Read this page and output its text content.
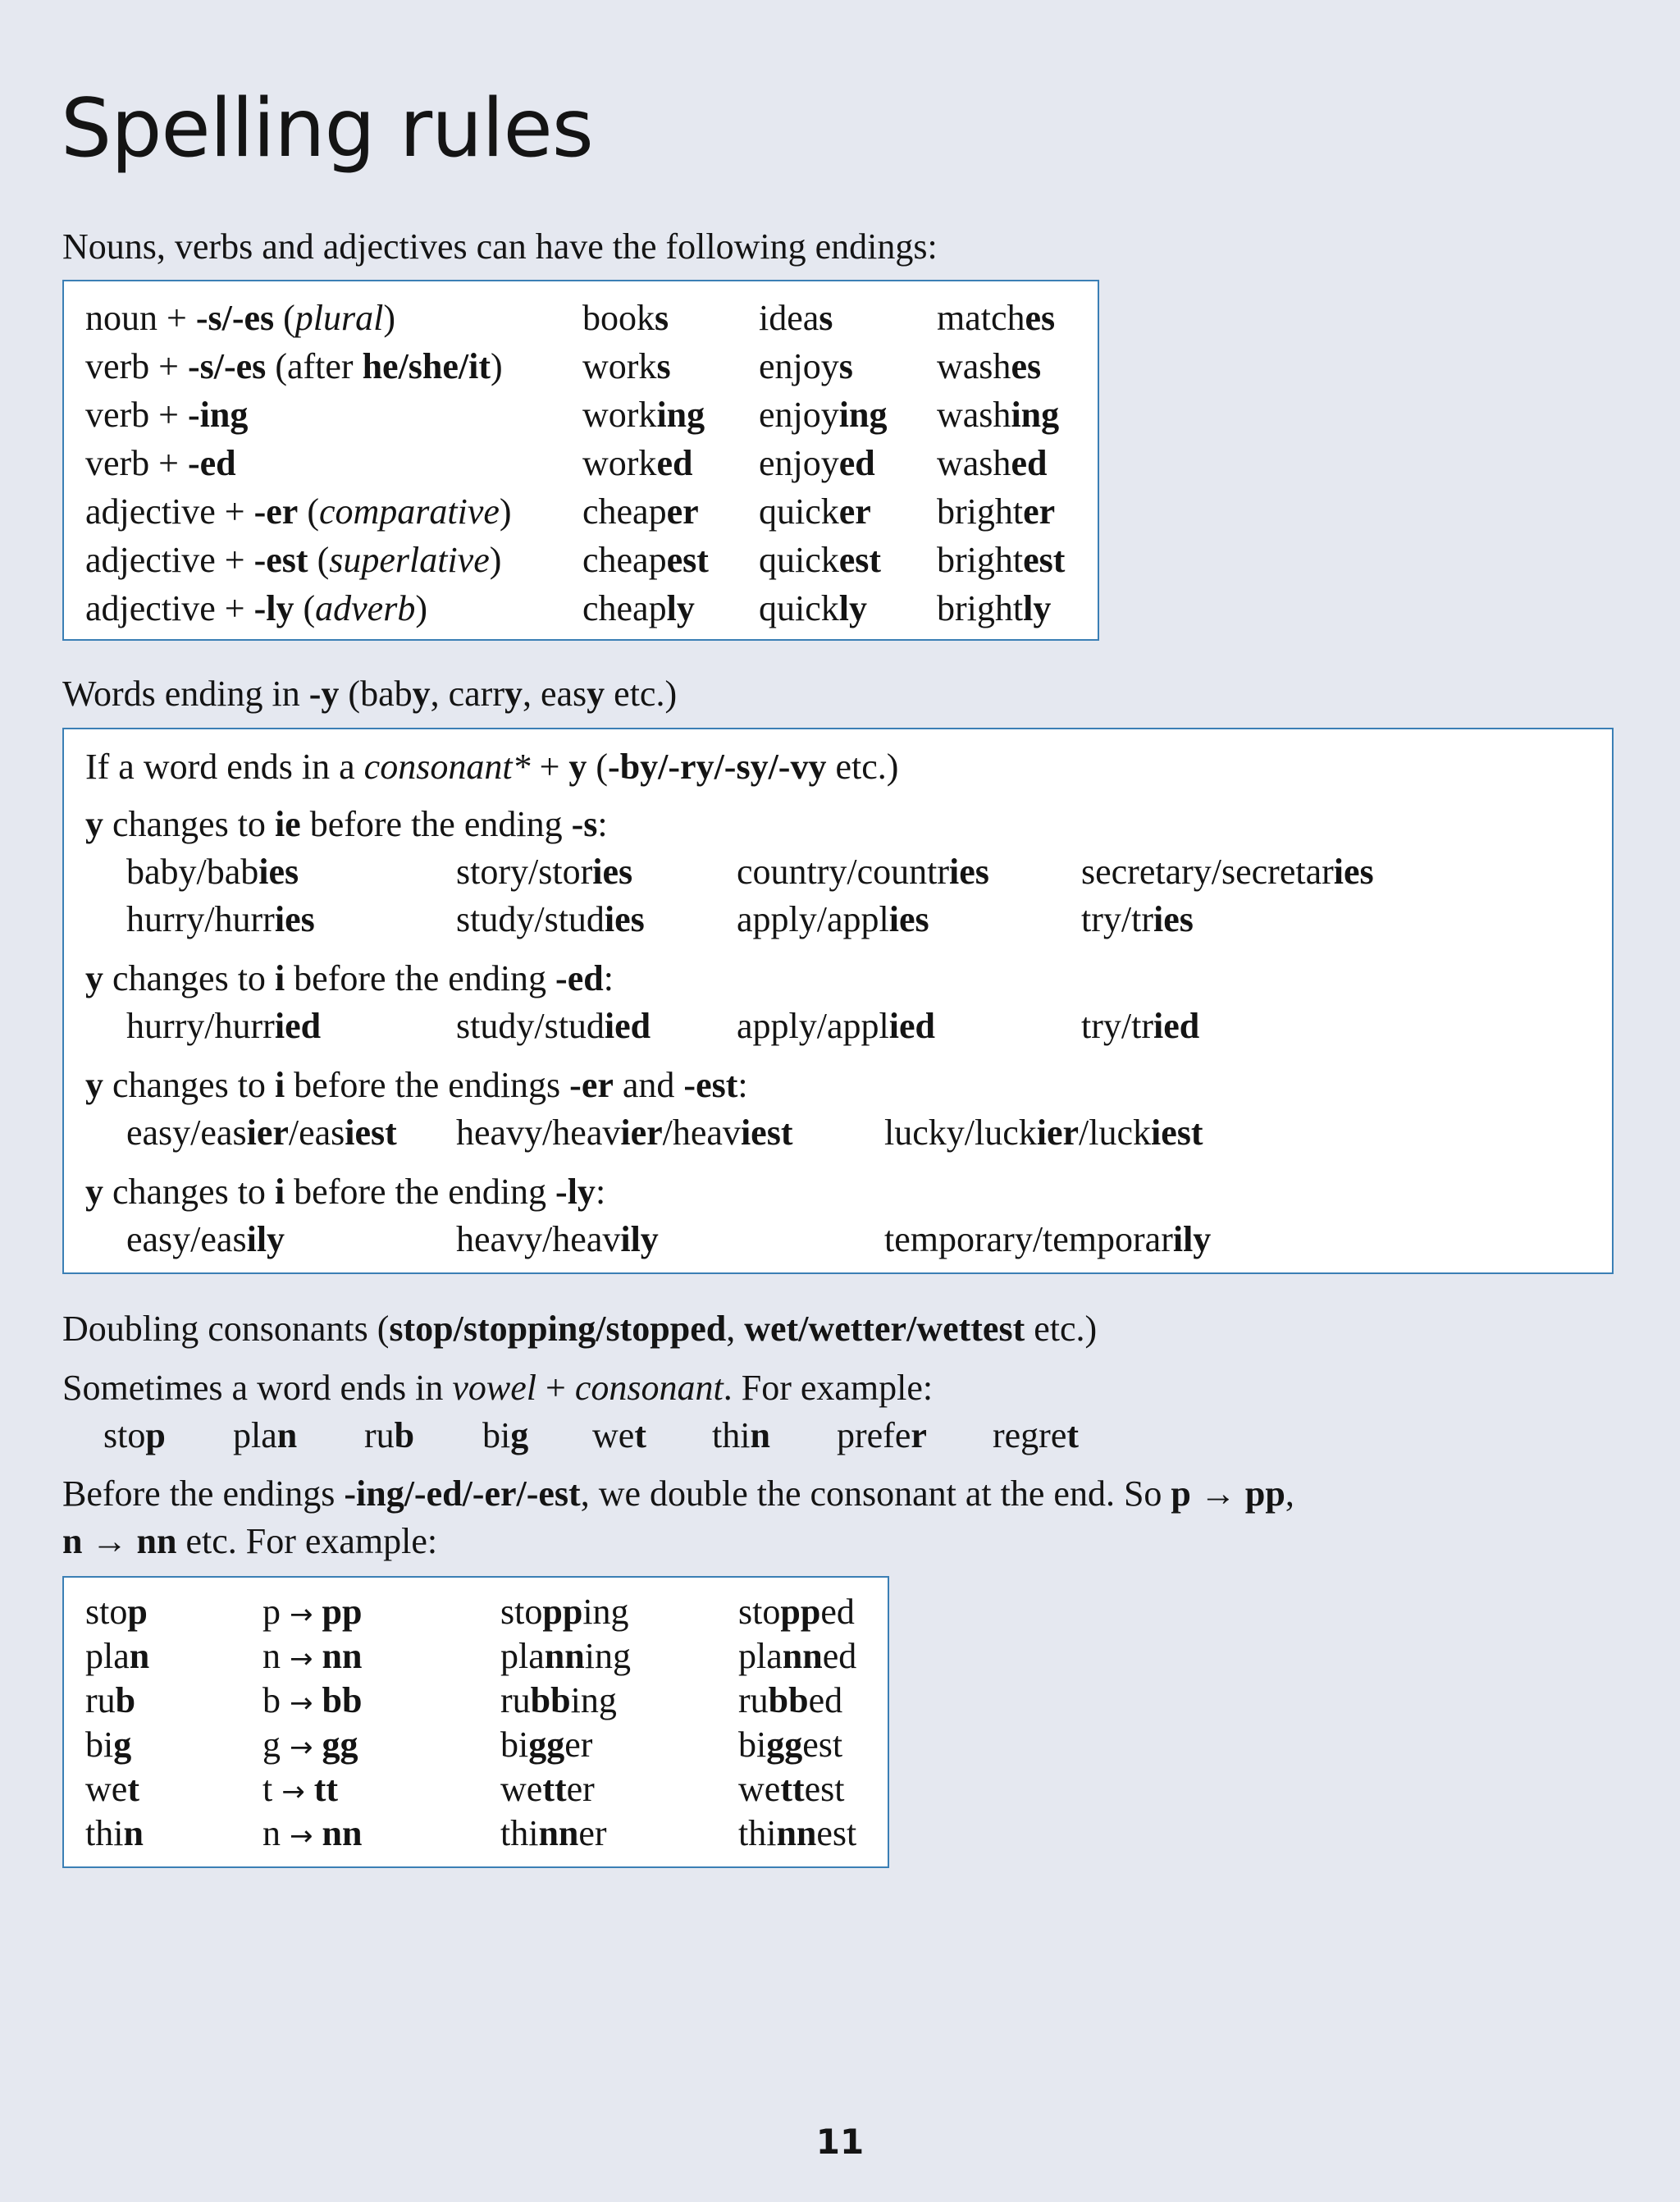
Spelling rules
Nouns, verbs and adjectives can have the following endings:
noun + -s/-es (plural)	books ideas	matches
verb + -s/-es (after he/she/it) works enjoys washes
verb + -ing	working enjoying washing
verb + -ed	worked enjoyed washed
adjective + -er (comparative) cheaper quicker brighter
adjective + -est (superlative) cheapest quickest brightest
adjective + -ly (adverb)	cheaply quickly brightly
Words ending in -y (baby, carry, easy etc.)
If a word ends in a consonant* + y (-by/-ry/-sy/-vy etc.)
y changes to ie before the ending -s:
baby/babies	story/stories	country/countries	secretary/secretaries
hurry/hurries	study/studies	apply/applies	try/tries
y changes to i before the ending -ed:
hurry/hurried	study/studied apply/applied	try/tried
y changes to i before the endings -er and -est:
easy/easier/easiest heavy/heavier/heaviest	lucky/luckier/luckiest
y changes to i before the ending -ly:
easy/easily	heavy/heavily	temporary/temporarily
Doubling consonants (stop/stopping/stopped, wet/wetter/wettest etc.)
Sometimes a word ends in vowel + consonant. For example:
stop plan rub big wet thin prefer regret
Before the endings -ing/-ed/-er/-est, we double the consonant at the end. So p → pp,
n → nn etc. For example:
stop	p → pp	stopping	stopped
plan	n → nn	planning	planned
rub	b → bb	rubbing	rubbed
big	g → gg	bigger	biggest
wet	t → tt	wetter	wettest
thin	n → nn	thinner	thinnest
11
